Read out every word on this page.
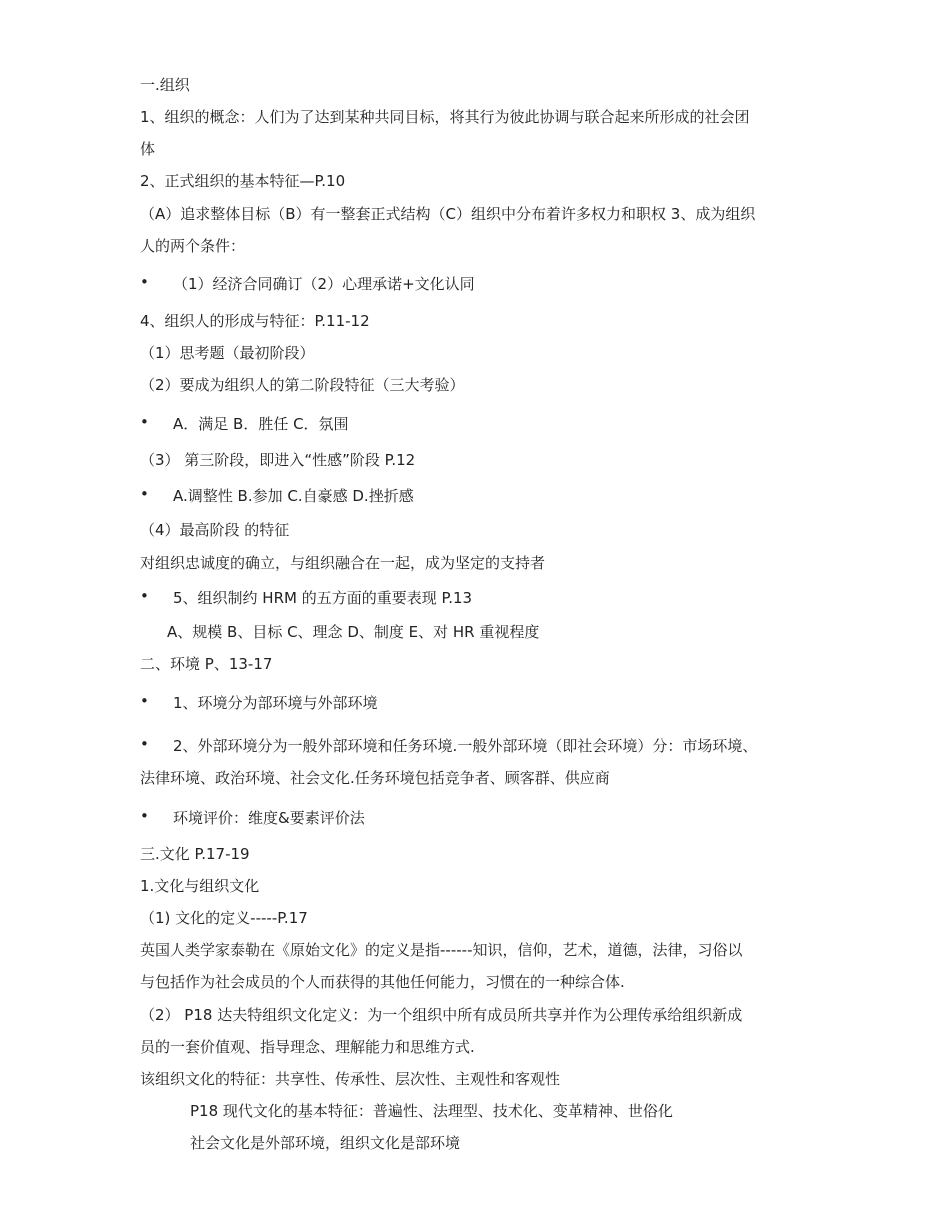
一.组织
1、组织的概念：人们为了达到某种共同目标，将其行为彼此协调与联合起来所形成的社会团
体
2、正式组织的基本特征—P.10
（A）追求整体目标（B）有一整套正式结构（C）组织中分布着许多权力和职权 3、成为组织
人的两个条件：
• （1）经济合同确订（2）心理承诺+文化认同
4、组织人的形成与特征：P.11-12
（1）思考题（最初阶段）
（2）要成为组织人的第二阶段特征（三大考验）
• A．满足 B．胜任 C．氛围
（3） 第三阶段，即进入“性感”阶段 P.12
• A.调整性 B.参加 C.自豪感 D.挫折感
（4）最高阶段 的特征
对组织忠诚度的确立，与组织融合在一起，成为坚定的支持者
• 5、组织制约 HRM 的五方面的重要表现 P.13
A、规模 B、目标 C、理念 D、制度 E、对 HR 重视程度
二、环境 P、13-17
• 1、环境分为部环境与外部环境
• 2、外部环境分为一般外部环境和任务环境.一般外部环境（即社会环境）分：市场环境、
法律环境、政治环境、社会文化.任务环境包括竞争者、顾客群、供应商
• 环境评价：维度&要素评价法
三.文化 P.17-19
1.文化与组织文化
（1) 文化的定义-----P.17
英国人类学家泰勒在《原始文化》的定义是指------知识，信仰，艺术，道德，法律，习俗以
与包括作为社会成员的个人而获得的其他任何能力，习惯在的一种综合体.
（2） P18 达夫特组织文化定义：为一个组织中所有成员所共享并作为公理传承给组织新成
员的一套价值观、指导理念、理解能力和思维方式.
该组织文化的特征：共享性、传承性、层次性、主观性和客观性
P18 现代文化的基本特征：普遍性、法理型、技术化、变革精神、世俗化
社会文化是外部环境，组织文化是部环境
